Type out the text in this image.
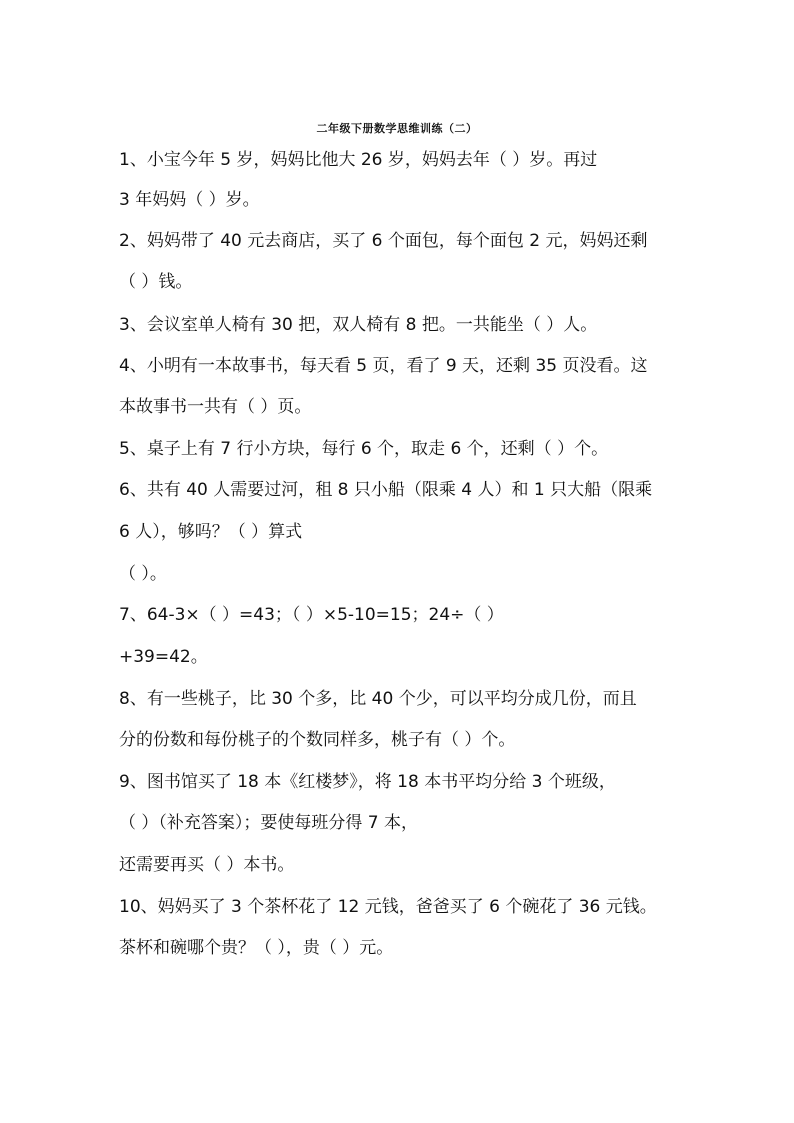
二年级下册数学思维训练（二）
1、小宝今年 5 岁，妈妈比他大 26 岁，妈妈去年（ ）岁。再过
3 年妈妈（ ）岁。
2、妈妈带了 40 元去商店，买了 6 个面包，每个面包 2 元，妈妈还剩
（ ）钱。
3、会议室单人椅有 30 把，双人椅有 8 把。一共能坐（ ）人。
4、小明有一本故事书，每天看 5 页，看了 9 天，还剩 35 页没看。这
本故事书一共有（ ）页。
5、桌子上有 7 行小方块，每行 6 个，取走 6 个，还剩（ ）个。
6、共有 40 人需要过河，租 8 只小船（限乘 4 人）和 1 只大船（限乘
6 人），够吗？（ ）算式
（ ）。
7、64-3×（ ）=43；（ ）×5-10=15；24÷（ ）
+39=42。
8、有一些桃子，比 30 个多，比 40 个少，可以平均分成几份，而且
分的份数和每份桃子的个数同样多，桃子有（ ）个。
9、图书馆买了 18 本《红楼梦》，将 18 本书平均分给 3 个班级，
（ ）（补充答案）；要使每班分得 7 本，
还需要再买（ ）本书。
10、妈妈买了 3 个茶杯花了 12 元钱，爸爸买了 6 个碗花了 36 元钱。
茶杯和碗哪个贵？（ ），贵（ ）元。
